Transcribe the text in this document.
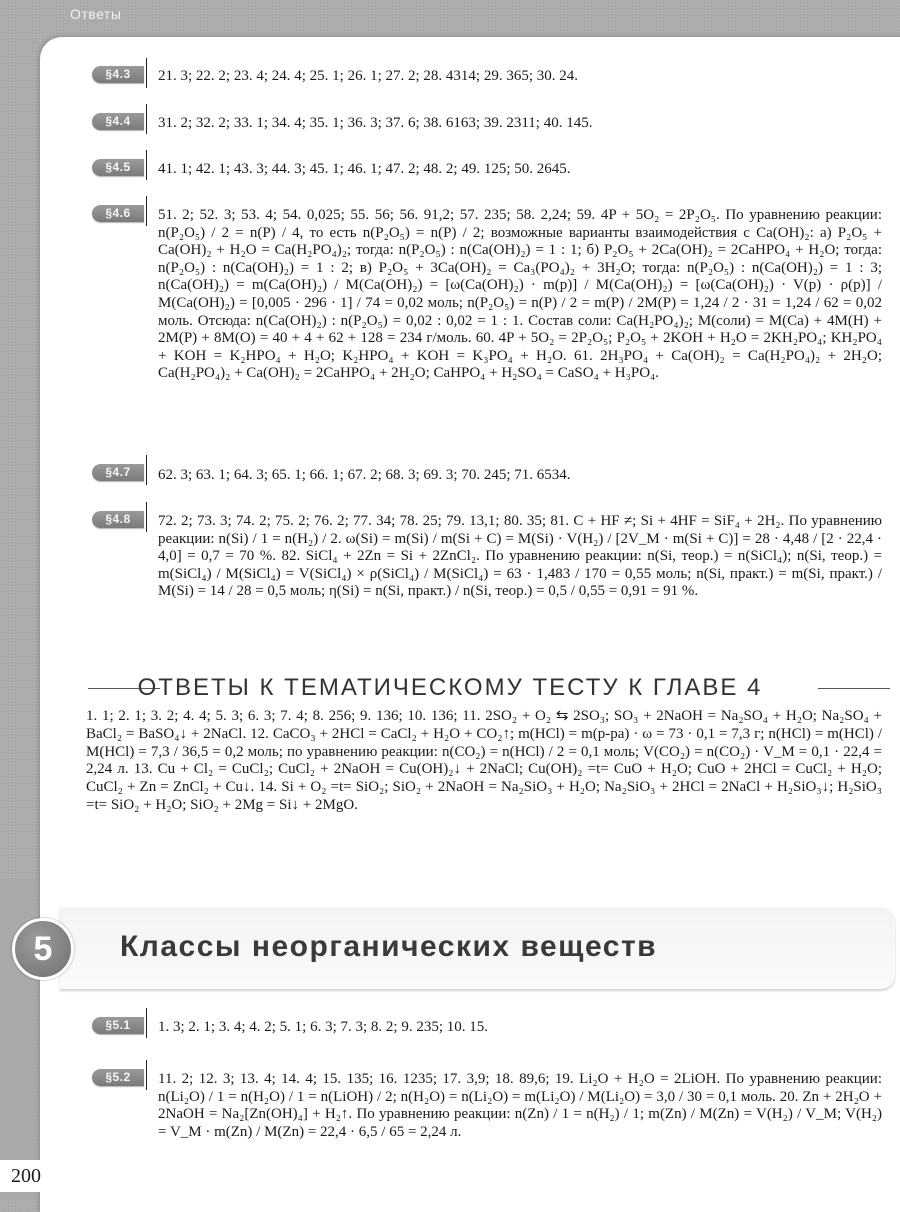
Ответы
§4.3	21. 3; 22. 2; 23. 4; 24. 4; 25. 1; 26. 1; 27. 2; 28. 4314; 29. 365; 30. 24.
§4.4	31. 2; 32. 2; 33. 1; 34. 4; 35. 1; 36. 3; 37. 6; 38. 6163; 39. 2311; 40. 145.
§4.5	41. 1; 42. 1; 43. 3; 44. 3; 45. 1; 46. 1; 47. 2; 48. 2; 49. 125; 50. 2645.
§4.6	51. 2; 52. 3; 53. 4; 54. 0,025; 55. 56; 56. 91,2; 57. 235; 58. 2,24; 59. 4P + 5O₂ = 2P₂O₅. По уравнению реакции: n(P₂O₅) / 2 = n(P) / 4, то есть n(P₂O₅) = n(P) / 2; возможные варианты взаимодействия с Ca(OH)₂: а) P₂O₅ + Ca(OH)₂ + H₂O = Ca(H₂PO₄)₂; тогда: n(P₂O₅) : n(Ca(OH)₂) = 1 : 1; б) P₂O₅ + 2Ca(OH)₂ = 2CaHPO₄ + H₂O; тогда: n(P₂O₅) : n(Ca(OH)₂) = 1 : 2; в) P₂O₅ + 3Ca(OH)₂ = Ca₃(PO₄)₂ + 3H₂O; тогда: n(P₂O₅) : n(Ca(OH)₂) = 1 : 3; n(Ca(OH)₂) = m(Ca(OH)₂) / M(Ca(OH)₂) = [ω(Ca(OH)₂) · m(р)] / M(Ca(OH)₂) = [ω(Ca(OH)₂) · V(р) · ρ(р)] / M(Ca(OH)₂) = [0,005 · 296 · 1] / 74 = 0,02 моль; n(P₂O₅) = n(P) / 2 = m(P) / 2M(P) = 1,24 / 2 · 31 = 1,24 / 62 = 0,02 моль. Отсюда: n(Ca(OH)₂) : n(P₂O₅) = 0,02 : 0,02 = 1 : 1. Состав соли: Ca(H₂PO₄)₂; M(соли) = M(Ca) + 4M(H) + 2M(P) + 8M(O) = 40 + 4 + 62 + 128 = 234 г/моль. 60. 4P + 5O₂ = 2P₂O₅; P₂O₅ + 2KOH + H₂O = 2KH₂PO₄; KH₂PO₄ + KOH = K₂HPO₄ + H₂O; K₂HPO₄ + KOH = K₃PO₄ + H₂O. 61. 2H₃PO₄ + Ca(OH)₂ = Ca(H₂PO₄)₂ + 2H₂O; Ca(H₂PO₄)₂ + Ca(OH)₂ = 2CaHPO₄ + 2H₂O; CaHPO₄ + H₂SO₄ = CaSO₄ + H₃PO₄.
§4.7	62. 3; 63. 1; 64. 3; 65. 1; 66. 1; 67. 2; 68. 3; 69. 3; 70. 245; 71. 6534.
§4.8	72. 2; 73. 3; 74. 2; 75. 2; 76. 2; 77. 34; 78. 25; 79. 13,1; 80. 35; 81. C + HF ≠; Si + 4HF = SiF₄ + 2H₂. По уравнению реакции: n(Si) / 1 = n(H₂) / 2. ω(Si) = m(Si) / m(Si + C) = M(Si) · V(H₂) / [2V_M · m(Si + C)] = 28 · 4,48 / [2 · 22,4 · 4,0] = 0,7 = 70 %. 82. SiCl₄ + 2Zn = Si + 2ZnCl₂. По уравнению реакции: n(Si, теор.) = n(SiCl₄); n(Si, теор.) = m(SiCl₄) / M(SiCl₄) = V(SiCl₄) × ρ(SiCl₄) / M(SiCl₄) = 63 · 1,483 / 170 = 0,55 моль; n(Si, практ.) = m(Si, практ.) / M(Si) = 14 / 28 = 0,5 моль; η(Si) = n(Si, практ.) / n(Si, теор.) = 0,5 / 0,55 = 0,91 = 91 %.
ОТВЕТЫ К ТЕМАТИЧЕСКОМУ ТЕСТУ К ГЛАВЕ 4
1. 1; 2. 1; 3. 2; 4. 4; 5. 3; 6. 3; 7. 4; 8. 256; 9. 136; 10. 136; 11. 2SO₂ + O₂ ⇆ 2SO₃; SO₃ + 2NaOH = Na₂SO₄ + H₂O; Na₂SO₄ + BaCl₂ = BaSO₄↓ + 2NaCl. 12. CaCO₃ + 2HCl = CaCl₂ + H₂O + CO₂↑; m(HCl) = m(р-ра) · ω = 73 · 0,1 = 7,3 г; n(HCl) = m(HCl) / M(HCl) = 7,3 / 36,5 = 0,2 моль; по уравнению реакции: n(CO₂) = n(HCl) / 2 = 0,1 моль; V(CO₂) = n(CO₂) · V_M = 0,1 · 22,4 = 2,24 л. 13. Cu + Cl₂ = CuCl₂; CuCl₂ + 2NaOH = Cu(OH)₂↓ + 2NaCl; Cu(OH)₂ =t= CuO + H₂O; CuO + 2HCl = CuCl₂ + H₂O; CuCl₂ + Zn = ZnCl₂ + Cu↓. 14. Si + O₂ =t= SiO₂; SiO₂ + 2NaOH = Na₂SiO₃ + H₂O; Na₂SiO₃ + 2HCl = 2NaCl + H₂SiO₃↓; H₂SiO₃ =t= SiO₂ + H₂O; SiO₂ + 2Mg = Si↓ + 2MgO.
5	Классы неорганических веществ
§5.1	1. 3; 2. 1; 3. 4; 4. 2; 5. 1; 6. 3; 7. 3; 8. 2; 9. 235; 10. 15.
§5.2	11. 2; 12. 3; 13. 4; 14. 4; 15. 135; 16. 1235; 17. 3,9; 18. 89,6; 19. Li₂O + H₂O = 2LiOH. По уравнению реакции: n(Li₂O) / 1 = n(H₂O) / 1 = n(LiOH) / 2; n(H₂O) = n(Li₂O) = m(Li₂O) / M(Li₂O) = 3,0 / 30 = 0,1 моль. 20. Zn + 2H₂O + 2NaOH = Na₂[Zn(OH)₄] + H₂↑. По уравнению реакции: n(Zn) / 1 = n(H₂) / 1; m(Zn) / M(Zn) = V(H₂) / V_M; V(H₂) = V_M · m(Zn) / M(Zn) = 22,4 · 6,5 / 65 = 2,24 л.
200
